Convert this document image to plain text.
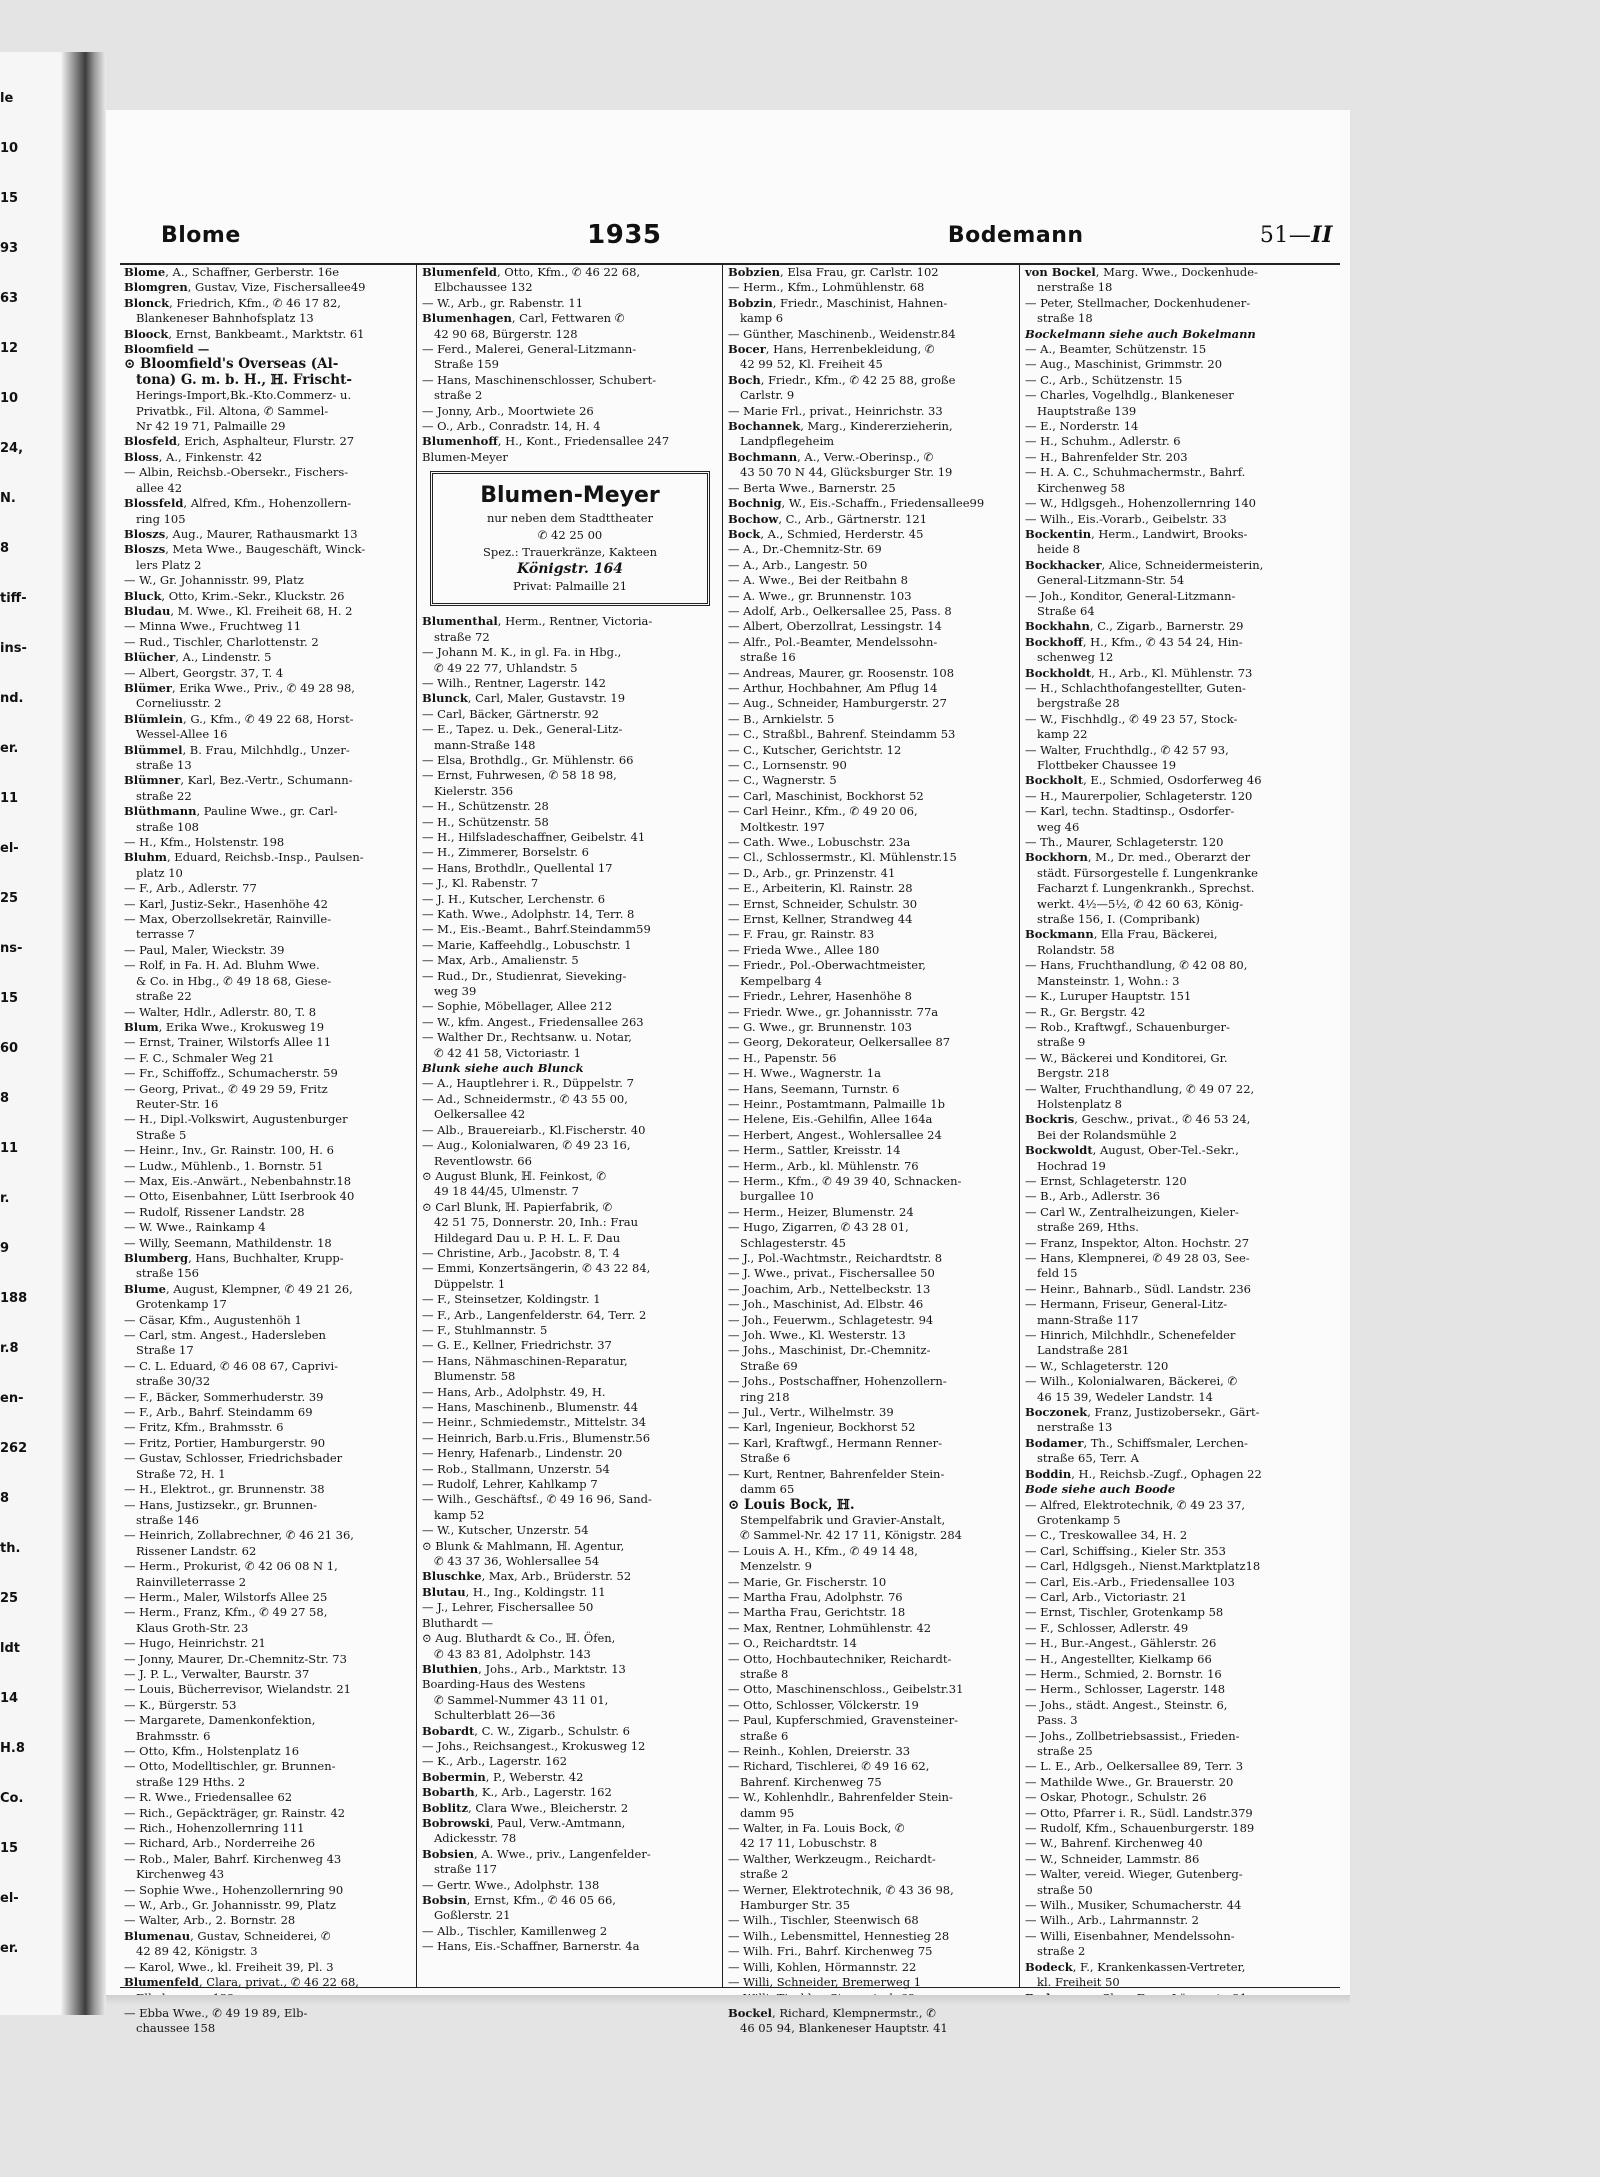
le
10
15
93
63
12
10
24,
N.
8
tiff-
ins-
nd.
er.
11
el-
25
ns-
15
60
8
11
r.
9
188
r.8
en-
262
8
th.
25
ldt
14
H.8
Co.
15
el-
er.
Blome	1935	Bodemann	51—II
Blome, A., Schaffner, Gerberstr. 16e
Blomgren, Gustav, Vize, Fischersallee49
Blonck, Friedrich, Kfm., ✆ 46 17 82,
Blankeneser Bahnhofsplatz 13
Bloock, Ernst, Bankbeamt., Marktstr. 61
Bloomfield —
⊙ Bloomfield's Overseas (Al-
tona) G. m. b. H., ℍ. Frischt-
Herings-Import,Bk.-Kto.Commerz- u.
Privatbk., Fil. Altona, ✆ Sammel-
Nr 42 19 71, Palmaille 29
Blosfeld, Erich, Asphalteur, Flurstr. 27
Bloss, A., Finkenstr. 42
— Albin, Reichsb.-Obersekr., Fischers-
allee 42
Blossfeld, Alfred, Kfm., Hohenzollern-
ring 105
Bloszs, Aug., Maurer, Rathausmarkt 13
Bloszs, Meta Wwe., Baugeschäft, Winck-
lers Platz 2
— W., Gr. Johannisstr. 99, Platz
Bluck, Otto, Krim.-Sekr., Kluckstr. 26
Bludau, M. Wwe., Kl. Freiheit 68, H. 2
— Minna Wwe., Fruchtweg 11
— Rud., Tischler, Charlottenstr. 2
Blücher, A., Lindenstr. 5
— Albert, Georgstr. 37, T. 4
Blümer, Erika Wwe., Priv., ✆ 49 28 98,
Corneliusstr. 2
Blümlein, G., Kfm., ✆ 49 22 68, Horst-
Wessel-Allee 16
Blümmel, B. Frau, Milchhdlg., Unzer-
straße 13
Blümner, Karl, Bez.-Vertr., Schumann-
straße 22
Blüthmann, Pauline Wwe., gr. Carl-
straße 108
— H., Kfm., Holstenstr. 198
Bluhm, Eduard, Reichsb.-Insp., Paulsen-
platz 10
— F., Arb., Adlerstr. 77
— Karl, Justiz-Sekr., Hasenhöhe 42
— Max, Oberzollsekretär, Rainville-
terrasse 7
— Paul, Maler, Wieckstr. 39
— Rolf, in Fa. H. Ad. Bluhm Wwe.
& Co. in Hbg., ✆ 49 18 68, Giese-
straße 22
— Walter, Hdlr., Adlerstr. 80, T. 8
Blum, Erika Wwe., Krokusweg 19
— Ernst, Trainer, Wilstorfs Allee 11
— F. C., Schmaler Weg 21
— Fr., Schiffoffz., Schumacherstr. 59
— Georg, Privat., ✆ 49 29 59, Fritz
Reuter-Str. 16
— H., Dipl.-Volkswirt, Augustenburger
Straße 5
— Heinr., Inv., Gr. Rainstr. 100, H. 6
— Ludw., Mühlenb., 1. Bornstr. 51
— Max, Eis.-Anwärt., Nebenbahnstr.18
— Otto, Eisenbahner, Lütt Iserbrook 40
— Rudolf, Rissener Landstr. 28
— W. Wwe., Rainkamp 4
— Willy, Seemann, Mathildenstr. 18
Blumberg, Hans, Buchhalter, Krupp-
straße 156
Blume, August, Klempner, ✆ 49 21 26,
Grotenkamp 17
— Cäsar, Kfm., Augustenhöh 1
— Carl, stm. Angest., Hadersleben
Straße 17
— C. L. Eduard, ✆ 46 08 67, Caprivi-
straße 30/32
— F., Bäcker, Sommerhuderstr. 39
— F., Arb., Bahrf. Steindamm 69
— Fritz, Kfm., Brahmsstr. 6
— Fritz, Portier, Hamburgerstr. 90
— Gustav, Schlosser, Friedrichsbader
Straße 72, H. 1
— H., Elektrot., gr. Brunnenstr. 38
— Hans, Justizsekr., gr. Brunnen-
straße 146
— Heinrich, Zollabrechner, ✆ 46 21 36,
Rissener Landstr. 62
— Herm., Prokurist, ✆ 42 06 08 N 1,
Rainvilleterrasse 2
— Herm., Maler, Wilstorfs Allee 25
— Herm., Franz, Kfm., ✆ 49 27 58,
Klaus Groth-Str. 23
— Hugo, Heinrichstr. 21
— Jonny, Maurer, Dr.-Chemnitz-Str. 73
— J. P. L., Verwalter, Baurstr. 37
— Louis, Bücherrevisor, Wielandstr. 21
— K., Bürgerstr. 53
— Margarete, Damenkonfektion,
Brahmsstr. 6
— Otto, Kfm., Holstenplatz 16
— Otto, Modelltischler, gr. Brunnen-
straße 129 Hths. 2
— R. Wwe., Friedensallee 62
— Rich., Gepäckträger, gr. Rainstr. 42
— Rich., Hohenzollernring 111
— Richard, Arb., Norderreihe 26
— Rob., Maler, Bahrf. Kirchenweg 43
Kirchenweg 43
— Sophie Wwe., Hohenzollernring 90
— W., Arb., Gr. Johannisstr. 99, Platz
— Walter, Arb., 2. Bornstr. 28
Blumenau, Gustav, Schneiderei, ✆
42 89 42, Königstr. 3
— Karol, Wwe., kl. Freiheit 39, Pl. 3
Blumenfeld, Clara, privat., ✆ 46 22 68,
— Ebba Wwe., ✆ 49 19 89, Elb-
chaussee 158
Blumenfeld, Otto, Kfm., ✆ 46 22 68,
Elbchaussee 132
— W., Arb., gr. Rabenstr. 11
Blumenhagen, Carl, Fettwaren ✆
42 90 68, Bürgerstr. 128
— Ferd., Malerei, General-Litzmann-
Straße 159
— Hans, Maschinenschlosser, Schubert-
straße 2
— Jonny, Arb., Moortwiete 26
— O., Arb., Conradstr. 14, H. 4
Blumenhoff, H., Kont., Friedensallee 247
Blumen-Meyer
Blumen-Meyer
nur neben dem Stadttheater
✆ 42 25 00
Spez.: Trauerkränze, Kakteen
Königstr. 164
Privat: Palmaille 21
Blumenthal, Herm., Rentner, Victoria-
straße 72
— Johann M. K., in gl. Fa. in Hbg.,
✆ 49 22 77, Uhlandstr. 5
— Wilh., Rentner, Lagerstr. 142
Blunck, Carl, Maler, Gustavstr. 19
— Carl, Bäcker, Gärtnerstr. 92
— E., Tapez. u. Dek., General-Litz-
mann-Straße 148
— Elsa, Brothdlg., Gr. Mühlenstr. 66
— Ernst, Fuhrwesen, ✆ 58 18 98,
Kielerstr. 356
— H., Schützenstr. 28
— H., Schützenstr. 58
— H., Hilfsladeschaffner, Geibelstr. 41
— H., Zimmerer, Borselstr. 6
— Hans, Brothdlr., Quellental 17
— J., Kl. Rabenstr. 7
— J. H., Kutscher, Lerchenstr. 6
— Kath. Wwe., Adolphstr. 14, Terr. 8
— M., Eis.-Beamt., Bahrf.Steindamm59
— Marie, Kaffeehdlg., Lobuschstr. 1
— Max, Arb., Amalienstr. 5
— Rud., Dr., Studienrat, Sieveking-
weg 39
— Sophie, Möbellager, Allee 212
— W., kfm. Angest., Friedensallee 263
— Walther Dr., Rechtsanw. u. Notar,
✆ 42 41 58, Victoriastr. 1
Blunk siehe auch Blunck
— A., Hauptlehrer i. R., Düppelstr. 7
— Ad., Schneidermstr., ✆ 43 55 00,
Oelkersallee 42
— Alb., Brauereiarb., Kl.Fischerstr. 40
— Aug., Kolonialwaren, ✆ 49 23 16,
Reventlowstr. 66
⊙ August Blunk, ℍ. Feinkost, ✆
49 18 44/45, Ulmenstr. 7
⊙ Carl Blunk, ℍ. Papierfabrik, ✆
42 51 75, Donnerstr. 20, Inh.: Frau
Hildegard Dau u. P. H. L. F. Dau
— Christine, Arb., Jacobstr. 8, T. 4
— Emmi, Konzertsängerin, ✆ 43 22 84,
Düppelstr. 1
— F., Steinsetzer, Koldingstr. 1
— F., Arb., Langenfelderstr. 64, Terr. 2
— F., Stuhlmannstr. 5
— G. E., Kellner, Friedrichstr. 37
— Hans, Nähmaschinen-Reparatur,
Blumenstr. 58
— Hans, Arb., Adolphstr. 49, H.
— Hans, Maschinenb., Blumenstr. 44
— Heinr., Schmiedemstr., Mittelstr. 34
— Heinrich, Barb.u.Fris., Blumenstr.56
— Henry, Hafenarb., Lindenstr. 20
— Rob., Stallmann, Unzerstr. 54
— Rudolf, Lehrer, Kahlkamp 7
— Wilh., Geschäftsf., ✆ 49 16 96, Sand-
kamp 52
— W., Kutscher, Unzerstr. 54
⊙ Blunk & Mahlmann, ℍ. Agentur,
✆ 43 37 36, Wohlersallee 54
Bluschke, Max, Arb., Brüderstr. 52
Blutau, H., Ing., Koldingstr. 11
— J., Lehrer, Fischersallee 50
Bluthardt —
⊙ Aug. Bluthardt & Co., ℍ. Öfen,
✆ 43 83 81, Adolphstr. 143
Bluthien, Johs., Arb., Marktstr. 13
Boarding-Haus des Westens
✆ Sammel-Nummer 43 11 01,
Schulterblatt 26—36
Bobardt, C. W., Zigarb., Schulstr. 6
— Johs., Reichsangest., Krokusweg 12
— K., Arb., Lagerstr. 162
Bobermin, P., Weberstr. 42
Bobarth, K., Arb., Lagerstr. 162
Boblitz, Clara Wwe., Bleicherstr. 2
Bobrowski, Paul, Verw.-Amtmann,
Adickesstr. 78
Bobsien, A. Wwe., priv., Langenfelder-
straße 117
— Gertr. Wwe., Adolphstr. 138
Bobsin, Ernst, Kfm., ✆ 46 05 66,
Goßlerstr. 21
— Alb., Tischler, Kamillenweg 2
— Hans, Eis.-Schaffner, Barnerstr. 4a
Bobzien, Elsa Frau, gr. Carlstr. 102
— Herm., Kfm., Lohmühlenstr. 68
Bobzin, Friedr., Maschinist, Hahnen-
kamp 6
— Günther, Maschinenb., Weidenstr.84
Bocer, Hans, Herrenbekleidung, ✆
42 99 52, Kl. Freiheit 45
Boch, Friedr., Kfm., ✆ 42 25 88, große
Carlstr. 9
— Marie Frl., privat., Heinrichstr. 33
Bochannek, Marg., Kindererzieherin,
Landpflegeheim
Bochmann, A., Verw.-Oberinsp., ✆
43 50 70 N 44, Glücksburger Str. 19
— Berta Wwe., Barnerstr. 25
Bochnig, W., Eis.-Schaffn., Friedensallee99
Bochow, C., Arb., Gärtnerstr. 121
Bock, A., Schmied, Herderstr. 45
— A., Dr.-Chemnitz-Str. 69
— A., Arb., Langestr. 50
— A. Wwe., Bei der Reitbahn 8
— A. Wwe., gr. Brunnenstr. 103
— Adolf, Arb., Oelkersallee 25, Pass. 8
— Albert, Oberzollrat, Lessingstr. 14
— Alfr., Pol.-Beamter, Mendelssohn-
straße 16
— Andreas, Maurer, gr. Roosenstr. 108
— Arthur, Hochbahner, Am Pflug 14
— Aug., Schneider, Hamburgerstr. 27
— B., Arnkielstr. 5
— C., Straßbl., Bahrenf. Steindamm 53
— C., Kutscher, Gerichtstr. 12
— C., Lornsenstr. 90
— C., Wagnerstr. 5
— Carl, Maschinist, Bockhorst 52
— Carl Heinr., Kfm., ✆ 49 20 06,
Moltkestr. 197
— Cath. Wwe., Lobuschstr. 23a
— Cl., Schlossermstr., Kl. Mühlenstr.15
— D., Arb., gr. Prinzenstr. 41
— E., Arbeiterin, Kl. Rainstr. 28
— Ernst, Schneider, Schulstr. 30
— Ernst, Kellner, Strandweg 44
— F. Frau, gr. Rainstr. 83
— Frieda Wwe., Allee 180
— Friedr., Pol.-Oberwachtmeister,
Kempelbarg 4
— Friedr., Lehrer, Hasenhöhe 8
— Friedr. Wwe., gr. Johannisstr. 77a
— G. Wwe., gr. Brunnenstr. 103
— Georg, Dekorateur, Oelkersallee 87
— H., Papenstr. 56
— H. Wwe., Wagnerstr. 1a
— Hans, Seemann, Turnstr. 6
— Heinr., Postamtmann, Palmaille 1b
— Helene, Eis.-Gehilfin, Allee 164a
— Herbert, Angest., Wohlersallee 24
— Herm., Sattler, Kreisstr. 14
— Herm., Arb., kl. Mühlenstr. 76
— Herm., Kfm., ✆ 49 39 40, Schnacken-
burgallee 10
— Herm., Heizer, Blumenstr. 24
— Hugo, Zigarren, ✆ 43 28 01,
Schlagesterstr. 45
— J., Pol.-Wachtmstr., Reichardtstr. 8
— J. Wwe., privat., Fischersallee 50
— Joachim, Arb., Nettelbeckstr. 13
— Joh., Maschinist, Ad. Elbstr. 46
— Joh., Feuerwm., Schlagetestr. 94
— Joh. Wwe., Kl. Westerstr. 13
— Johs., Maschinist, Dr.-Chemnitz-
Straße 69
— Johs., Postschaffner, Hohenzollern-
ring 218
— Jul., Vertr., Wilhelmstr. 39
— Karl, Ingenieur, Bockhorst 52
— Karl, Kraftwgf., Hermann Renner-
Straße 6
— Kurt, Rentner, Bahrenfelder Stein-
damm 65
⊙ Louis Bock, ℍ.
Stempelfabrik und Gravier-Anstalt,
✆ Sammel-Nr. 42 17 11, Königstr. 284
— Louis A. H., Kfm., ✆ 49 14 48,
Menzelstr. 9
— Marie, Gr. Fischerstr. 10
— Martha Frau, Adolphstr. 76
— Martha Frau, Gerichtstr. 18
— Max, Rentner, Lohmühlenstr. 42
— O., Reichardtstr. 14
— Otto, Hochbautechniker, Reichardt-
straße 8
— Otto, Maschinenschloss., Geibelstr.31
— Otto, Schlosser, Völckerstr. 19
— Paul, Kupferschmied, Gravensteiner-
straße 6
— Reinh., Kohlen, Dreierstr. 33
— Richard, Tischlerei, ✆ 49 16 62,
Bahrenf. Kirchenweg 75
— W., Kohlenhdlr., Bahrenfelder Stein-
damm 95
— Walter, in Fa. Louis Bock, ✆
42 17 11, Lobuschstr. 8
— Walther, Werkzeugm., Reichardt-
straße 2
— Werner, Elektrotechnik, ✆ 43 36 98,
Hamburger Str. 35
— Wilh., Tischler, Steenwisch 68
— Wilh., Lebensmittel, Hennestieg 28
— Wilh. Fri., Bahrf. Kirchenweg 75
— Willi, Kohlen, Hörmannstr. 22
— Willi, Schneider, Bremerweg 1
Bockel, Richard, Klempnermstr., ✆
46 05 94, Blankeneser Hauptstr. 41
von Bockel, Marg. Wwe., Dockenhude-
nerstraße 18
— Peter, Stellmacher, Dockenhudener-
straße 18
Bockelmann siehe auch Bokelmann
— A., Beamter, Schützenstr. 15
— Aug., Maschinist, Grimmstr. 20
— C., Arb., Schützenstr. 15
— Charles, Vogelhdlg., Blankeneser
Hauptstraße 139
— E., Norderstr. 14
— H., Schuhm., Adlerstr. 6
— H., Bahrenfelder Str. 203
— H. A. C., Schuhmachermstr., Bahrf.
Kirchenweg 58
— W., Hdlgsgeh., Hohenzollernring 140
— Wilh., Eis.-Vorarb., Geibelstr. 33
Bockentin, Herm., Landwirt, Brooks-
heide 8
Bockhacker, Alice, Schneidermeisterin,
General-Litzmann-Str. 54
— Joh., Konditor, General-Litzmann-
Straße 64
Bockhahn, C., Zigarb., Barnerstr. 29
Bockhoff, H., Kfm., ✆ 43 54 24, Hin-
schenweg 12
Bockholdt, H., Arb., Kl. Mühlenstr. 73
— H., Schlachthofangestellter, Guten-
bergstraße 28
— W., Fischhdlg., ✆ 49 23 57, Stock-
kamp 22
— Walter, Fruchthdlg., ✆ 42 57 93,
Flottbeker Chaussee 19
Bockholt, E., Schmied, Osdorferweg 46
— H., Maurerpolier, Schlageterstr. 120
— Karl, techn. Stadtinsp., Osdorfer-
weg 46
— Th., Maurer, Schlageterstr. 120
Bockhorn, M., Dr. med., Oberarzt der
städt. Fürsorgestelle f. Lungenkranke
Facharzt f. Lungenkrankh., Sprechst.
werkt. 4½—5½, ✆ 42 60 63, König-
straße 156, I. (Compribank)
Bockmann, Ella Frau, Bäckerei,
Rolandstr. 58
— Hans, Fruchthandlung, ✆ 42 08 80,
Mansteinstr. 1, Wohn.: 3
— K., Luruper Hauptstr. 151
— R., Gr. Bergstr. 42
— Rob., Kraftwgf., Schauenburger-
straße 9
— W., Bäckerei und Konditorei, Gr.
Bergstr. 218
— Walter, Fruchthandlung, ✆ 49 07 22,
Holstenplatz 8
Bockris, Geschw., privat., ✆ 46 53 24,
Bei der Rolandsmühle 2
Bockwoldt, August, Ober-Tel.-Sekr.,
Hochrad 19
— Ernst, Schlageterstr. 120
— B., Arb., Adlerstr. 36
— Carl W., Zentralheizungen, Kieler-
straße 269, Hths.
— Franz, Inspektor, Alton. Hochstr. 27
— Hans, Klempnerei, ✆ 49 28 03, See-
feld 15
— Heinr., Bahnarb., Südl. Landstr. 236
— Hermann, Friseur, General-Litz-
mann-Straße 117
— Hinrich, Milchhdlr., Schenefelder
Landstraße 281
— W., Schlageterstr. 120
— Wilh., Kolonialwaren, Bäckerei, ✆
46 15 39, Wedeler Landstr. 14
Boczonek, Franz, Justizobersekr., Gärt-
nerstraße 13
Bodamer, Th., Schiffsmaler, Lerchen-
straße 65, Terr. A
Boddin, H., Reichsb.-Zugf., Ophagen 22
Bode siehe auch Boode
— Alfred, Elektrotechnik, ✆ 49 23 37,
Grotenkamp 5
— C., Treskowallee 34, H. 2
— Carl, Schiffsing., Kieler Str. 353
— Carl, Hdlgsgeh., Nienst.Marktplatz18
— Carl, Eis.-Arb., Friedensallee 103
— Carl, Arb., Victoriastr. 21
— Ernst, Tischler, Grotenkamp 58
— F., Schlosser, Adlerstr. 49
— H., Bur.-Angest., Gählerstr. 26
— H., Angestellter, Kielkamp 66
— Herm., Schmied, 2. Bornstr. 16
— Herm., Schlosser, Lagerstr. 148
— Johs., städt. Angest., Steinstr. 6,
Pass. 3
— Johs., Zollbetriebsassist., Frieden-
straße 25
— L. E., Arb., Oelkersallee 89, Terr. 3
— Mathilde Wwe., Gr. Brauerstr. 20
— Oskar, Photogr., Schulstr. 26
— Otto, Pfarrer i. R., Südl. Landstr.379
— Rudolf, Kfm., Schauenburgerstr. 189
— W., Bahrenf. Kirchenweg 40
— W., Schneider, Lammstr. 86
— Walter, vereid. Wieger, Gutenberg-
straße 50
— Wilh., Musiker, Schumacherstr. 44
— Wilh., Arb., Lahrmannstr. 2
— Willi, Eisenbahner, Mendelssohn-
straße 2
Bodeck, F., Krankenkassen-Vertreter,
kl. Freiheit 50
